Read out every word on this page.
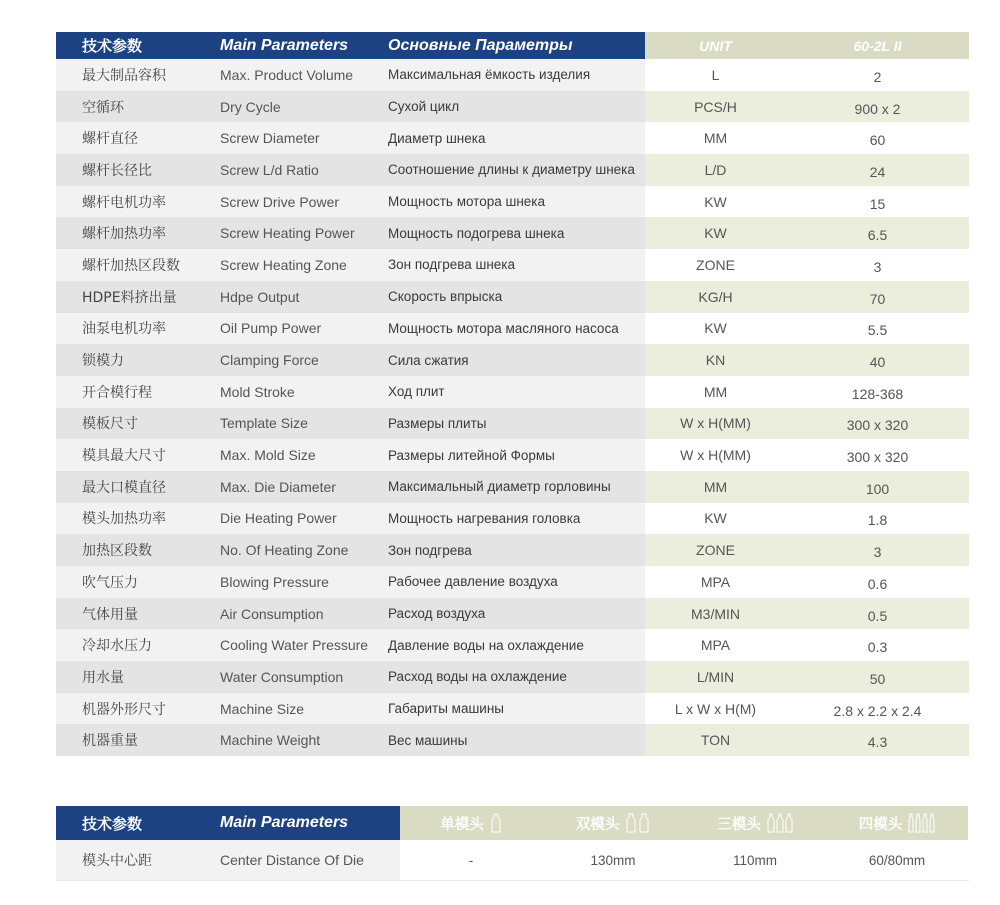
技术参数	Main Parameters	Основные Параметры	UNIT	60-2L II
最大制品容积	Max. Product Volume	Максимальная ёмкость изделия	L	2
空循环	Dry Cycle	Сухой цикл	PCS/H	900 x 2
螺杆直径	Screw Diameter	Диаметр шнека	MM	60
螺杆长径比	Screw L/d Ratio	Соотношение длины к диаметру шнека	L/D	24
螺杆电机功率	Screw Drive Power	Мощность мотора шнека	KW	15
螺杆加热功率	Screw Heating Power	Мощность подогрева шнека	KW	6.5
螺杆加热区段数	Screw Heating Zone	Зон подгрева шнека	ZONE	3
HDPE料挤出量	Hdpe Output	Скорость впрыска	KG/H	70
油泵电机功率	Oil Pump Power	Мощность мотора масляного насоса	KW	5.5
锁模力	Clamping Force	Сила сжатия	KN	40
开合模行程	Mold Stroke	Ход плит	MM	128-368
模板尺寸	Template Size	Размеры плиты	W x H(MM)	300 x 320
模具最大尺寸	Max. Mold Size	Размеры литейной Формы	W x H(MM)	300 x 320
最大口模直径	Max. Die Diameter	Максимальный диаметр горловины	MM	100
模头加热功率	Die Heating Power	Мощность нагревания головка	KW	1.8
加热区段数	No. Of Heating Zone	Зон подгрева	ZONE	3
吹气压力	Blowing Pressure	Рабочее давление воздуха	MPA	0.6
气体用量	Air Consumption	Расход воздуха	M3/MIN	0.5
冷却水压力	Cooling Water Pressure	Давление воды на охлаждение	MPA	0.3
用水量	Water Consumption	Расход воды на охлаждение	L/MIN	50
机器外形尺寸	Machine Size	Габариты машины	L x W x H(M)	2.8 x 2.2 x 2.4
机器重量	Machine Weight	Вес машины	TON	4.3
技术参数	Main Parameters	单模头	双模头	三模头	四模头
模头中心距	Center Distance Of Die	-	130mm	110mm	60/80mm
